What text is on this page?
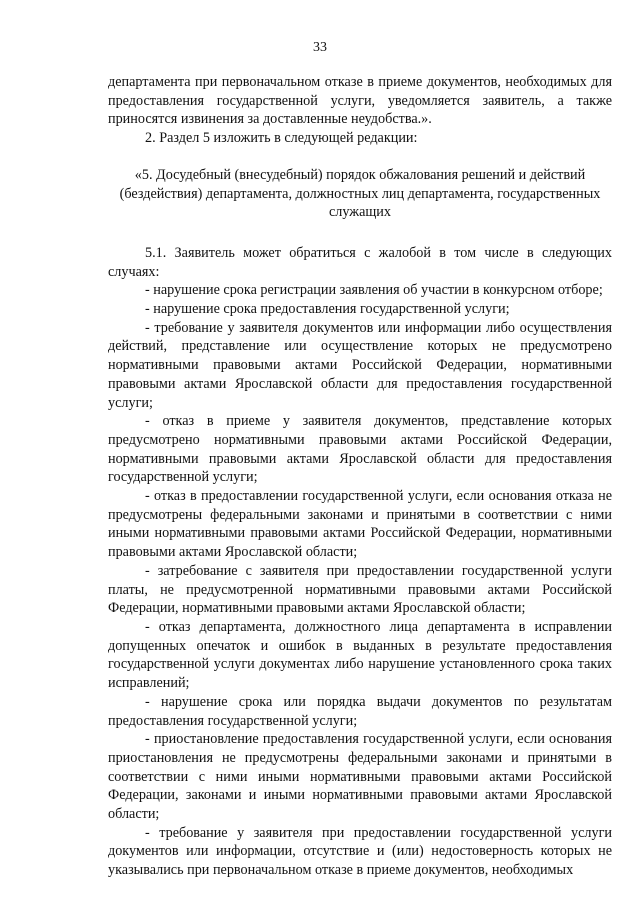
33

департамента при первоначальном отказе в приеме документов, необходимых для предоставления государственной услуги, уведомляется заявитель, а также приносятся извинения за доставленные неудобства.».

2. Раздел 5 изложить в следующей редакции:

«5. Досудебный (внесудебный) порядок обжалования решений и действий (бездействия) департамента, должностных лиц департамента, государственных служащих

5.1. Заявитель может обратиться с жалобой в том числе в следующих случаях:

- нарушение срока регистрации заявления об участии в конкурсном отборе;

- нарушение срока предоставления государственной услуги;

- требование у заявителя документов или информации либо осуществления действий, представление или осуществление которых не предусмотрено нормативными правовыми актами Российской Федерации, нормативными правовыми актами Ярославской области для предоставления государственной услуги;

- отказ в приеме у заявителя документов, представление которых предусмотрено нормативными правовыми актами Российской Федерации, нормативными правовыми актами Ярославской области для предоставления государственной услуги;

- отказ в предоставлении государственной услуги, если основания отказа не предусмотрены федеральными законами и принятыми в соответствии с ними иными нормативными правовыми актами Российской Федерации, нормативными правовыми актами Ярославской области;

- затребование с заявителя при предоставлении государственной услуги платы, не предусмотренной нормативными правовыми актами Российской Федерации, нормативными правовыми актами Ярославской области;

- отказ департамента, должностного лица департамента в исправлении допущенных опечаток и ошибок в выданных в результате предоставления государственной услуги документах либо нарушение установленного срока таких исправлений;

- нарушение срока или порядка выдачи документов по результатам предоставления государственной услуги;

- приостановление предоставления государственной услуги, если основания приостановления не предусмотрены федеральными законами и принятыми в соответствии с ними иными нормативными правовыми актами Российской Федерации, законами и иными нормативными правовыми актами Ярославской области;

- требование у заявителя при предоставлении государственной услуги документов или информации, отсутствие и (или) недостоверность которых не указывались при первоначальном отказе в приеме документов, необходимых
